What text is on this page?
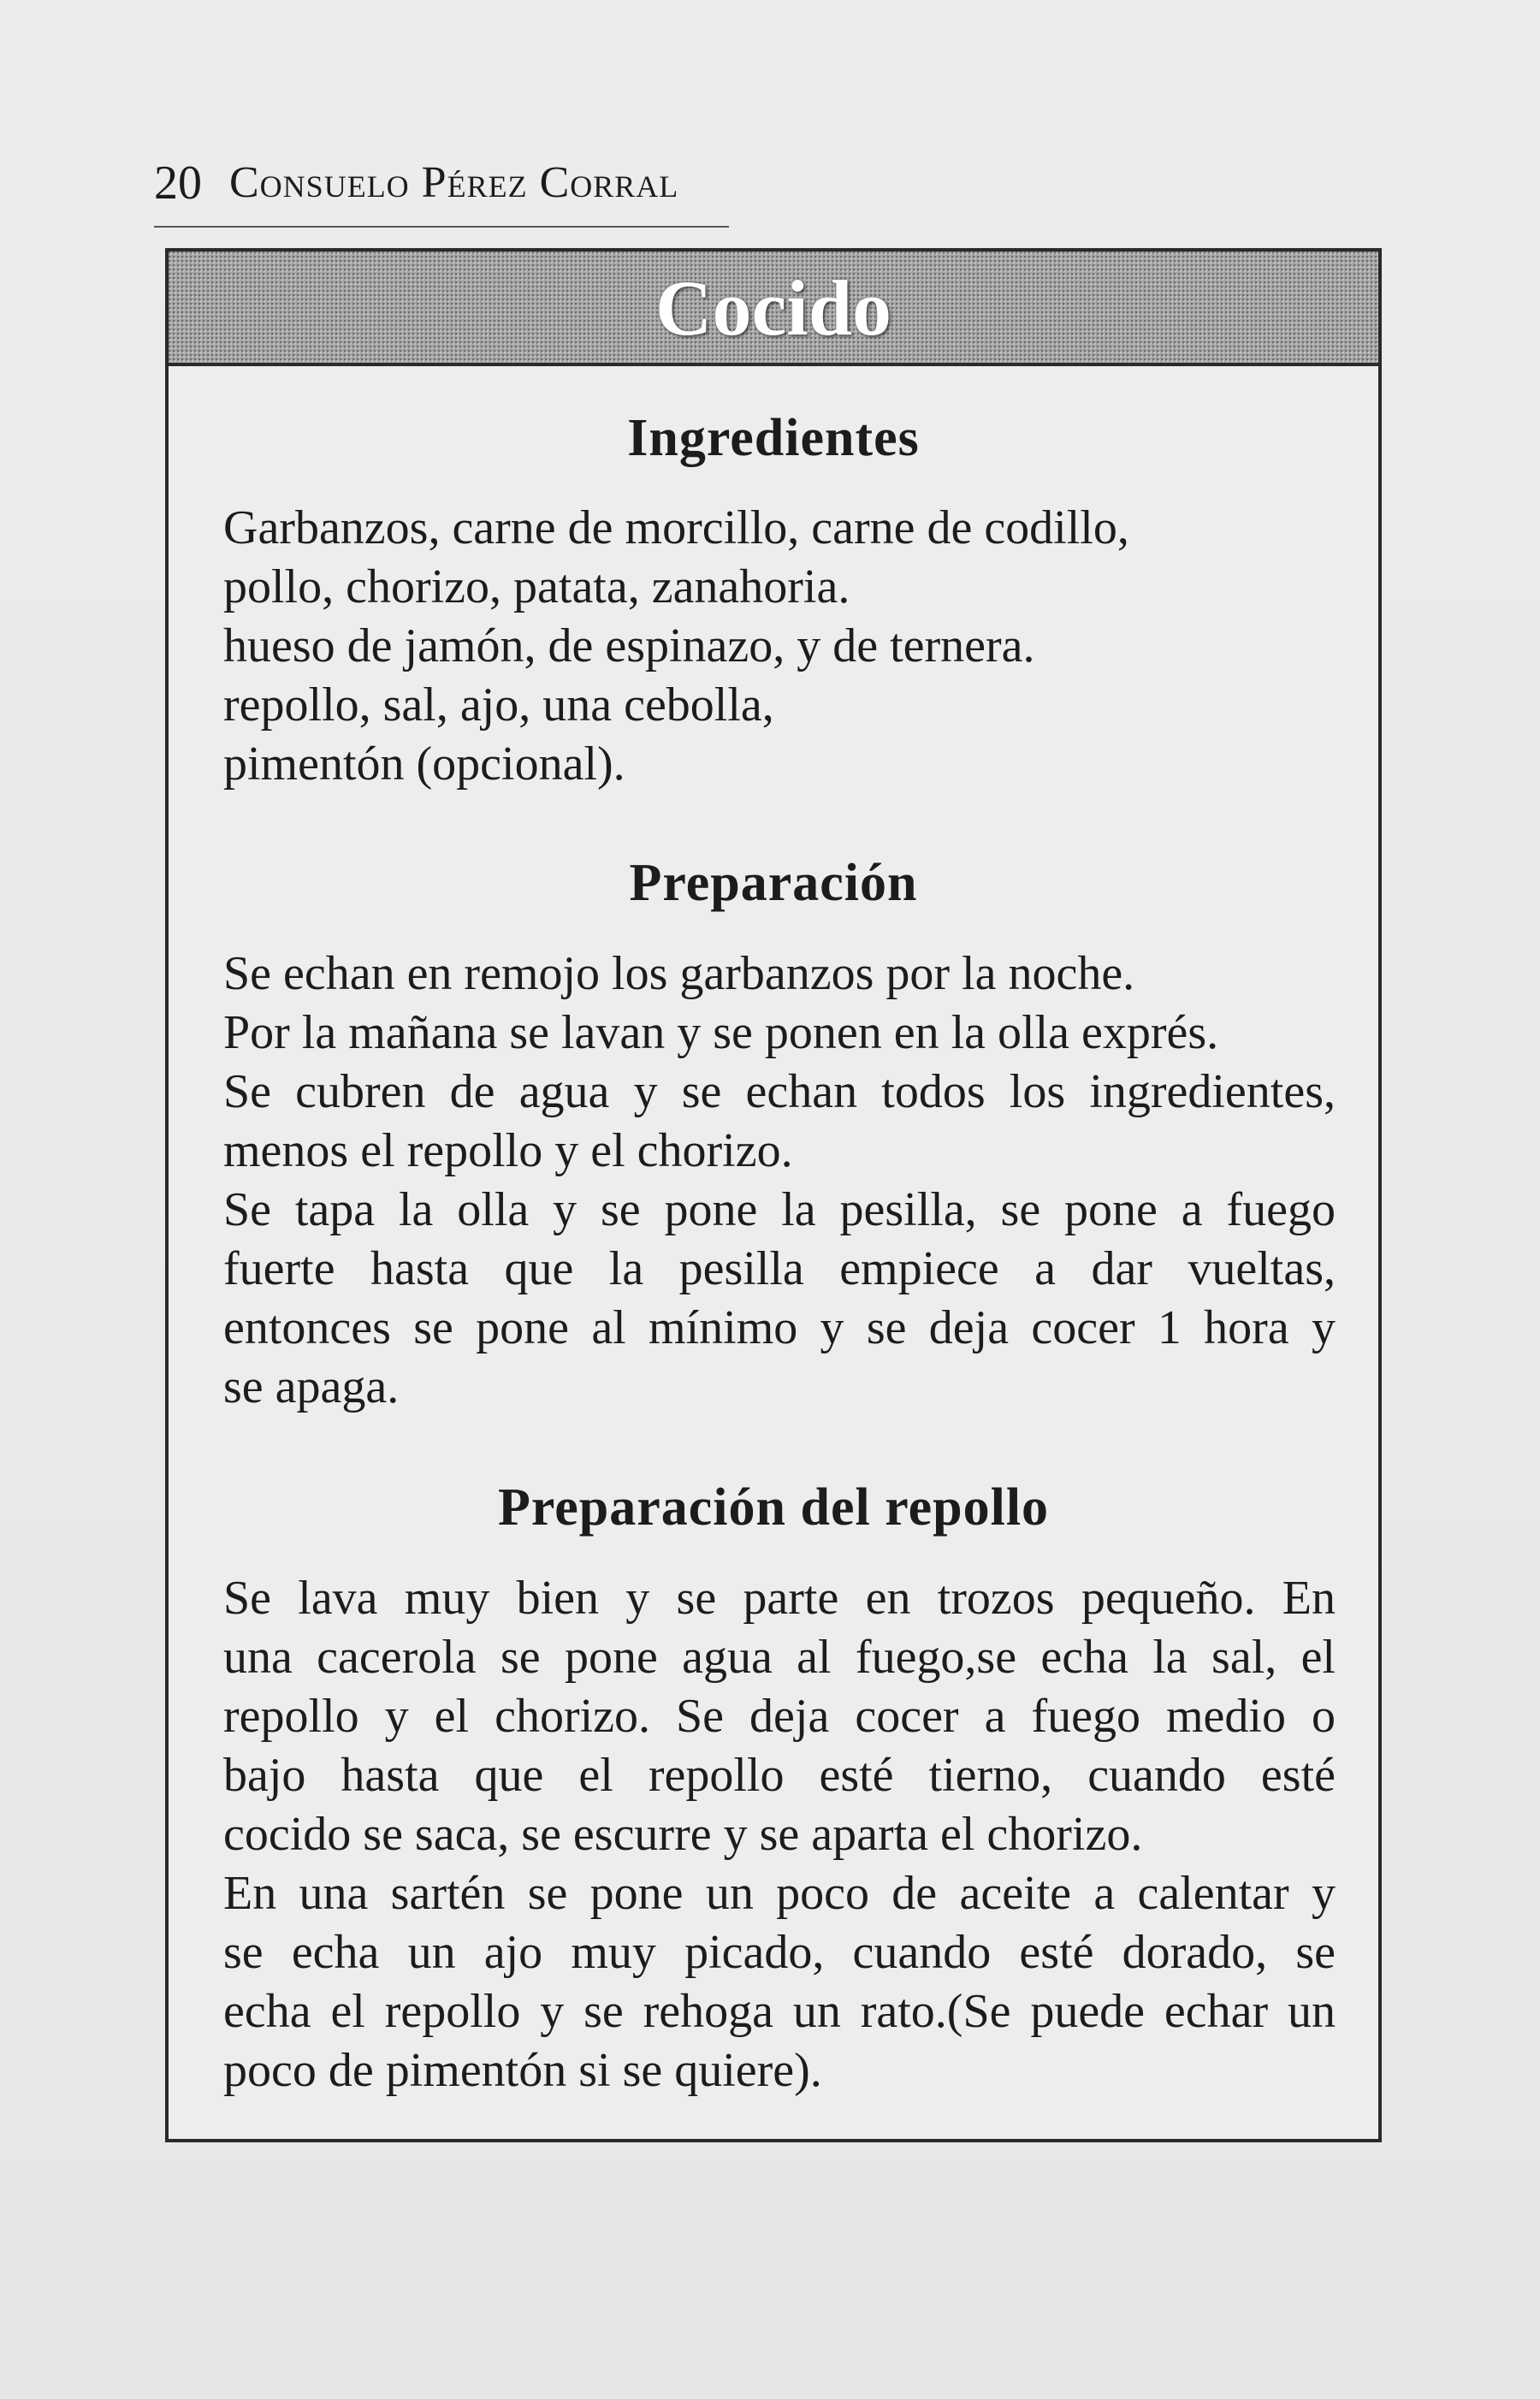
20 Consuelo Pérez Corral
Cocido
Ingredientes
Garbanzos, carne de morcillo, carne de codillo,
pollo, chorizo, patata, zanahoria.
hueso de jamón, de espinazo, y de ternera.
repollo, sal, ajo, una cebolla,
pimentón (opcional).
Preparación
Se echan en remojo los garbanzos por la noche.
Por la mañana se lavan y se ponen en la olla exprés.
Se cubren de agua y se echan todos los ingredientes,
menos el repollo y el chorizo.
Se tapa la olla y se pone la pesilla, se pone a fuego
fuerte hasta que la pesilla empiece a dar vueltas,
entonces se pone al mínimo y se deja cocer 1 hora y
se apaga.
Preparación del repollo
Se lava muy bien y se parte en trozos pequeño. En
una cacerola se pone agua al fuego,se echa la sal, el
repollo y el chorizo. Se deja cocer a fuego medio o
bajo hasta que el repollo esté tierno, cuando esté
cocido se saca, se escurre y se aparta el chorizo.
En una sartén se pone un poco de aceite a calentar y
se echa un ajo muy picado, cuando esté dorado, se
echa el repollo y se rehoga un rato.(Se puede echar un
poco de pimentón si se quiere).
